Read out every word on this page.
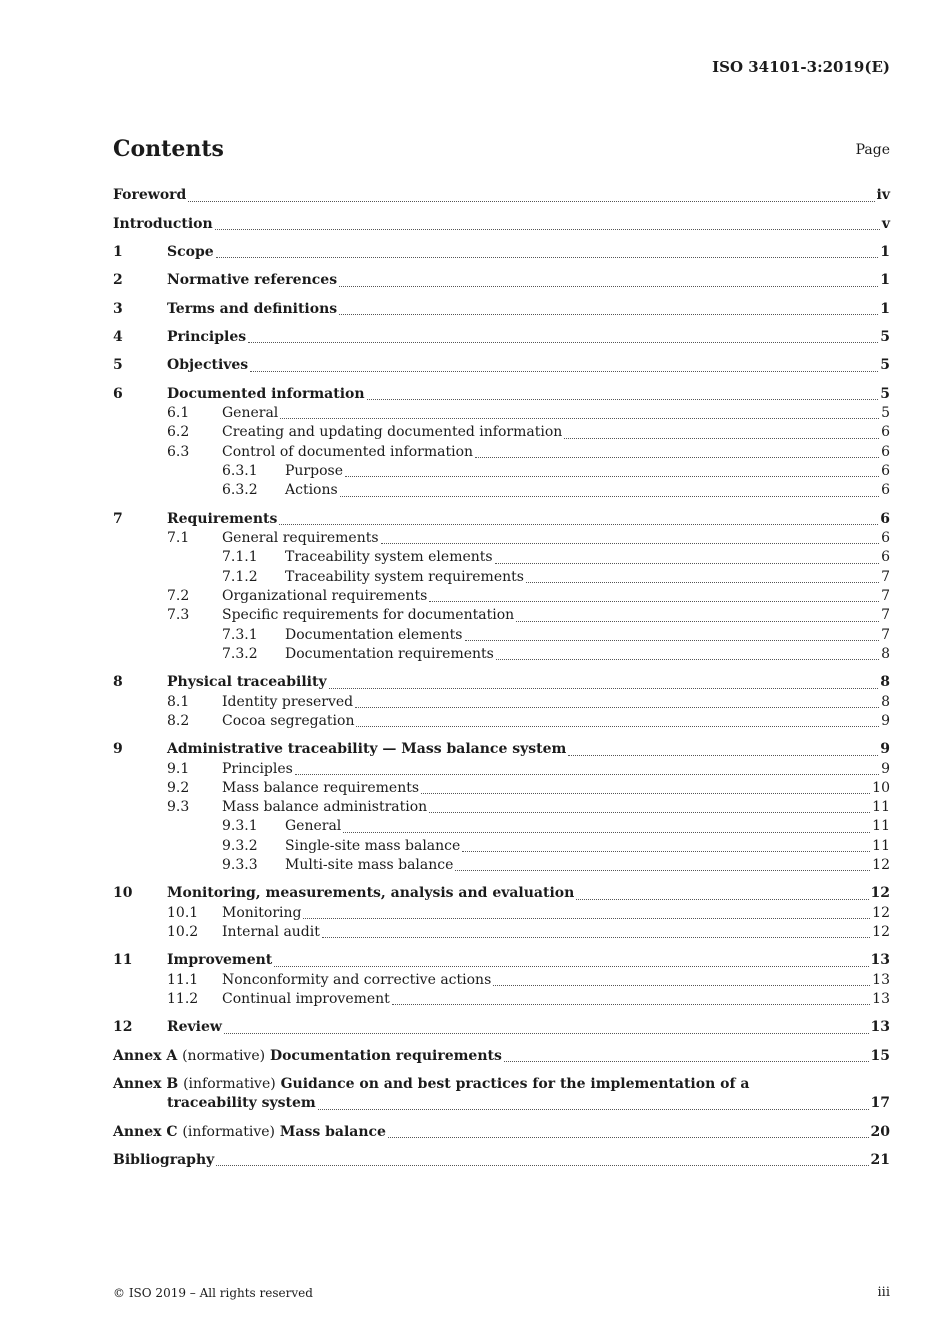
ISO 34101-3:2019(E)
Contents	Page
Foreword	iv
Introduction	v
1	Scope	1
2	Normative references	1
3	Terms and definitions	1
4	Principles	5
5	Objectives	5
6	Documented information	5
6.1	General	5
6.2	Creating and updating documented information	6
6.3	Control of documented information	6
6.3.1	Purpose	6
6.3.2	Actions	6
7	Requirements	6
7.1	General requirements	6
7.1.1	Traceability system elements	6
7.1.2	Traceability system requirements	7
7.2	Organizational requirements	7
7.3	Specific requirements for documentation	7
7.3.1	Documentation elements	7
7.3.2	Documentation requirements	8
8	Physical traceability	8
8.1	Identity preserved	8
8.2	Cocoa segregation	9
9	Administrative traceability — Mass balance system	9
9.1	Principles	9
9.2	Mass balance requirements	10
9.3	Mass balance administration	11
9.3.1	General	11
9.3.2	Single-site mass balance	11
9.3.3	Multi-site mass balance	12
10	Monitoring, measurements, analysis and evaluation	12
10.1	Monitoring	12
10.2	Internal audit	12
11	Improvement	13
11.1	Nonconformity and corrective actions	13
11.2	Continual improvement	13
12	Review	13
Annex A (normative) Documentation requirements	15
Annex B (informative) Guidance on and best practices for the implementation of a
traceability system	17
Annex C (informative) Mass balance	20
Bibliography	21
© ISO 2019 – All rights reserved	iii
